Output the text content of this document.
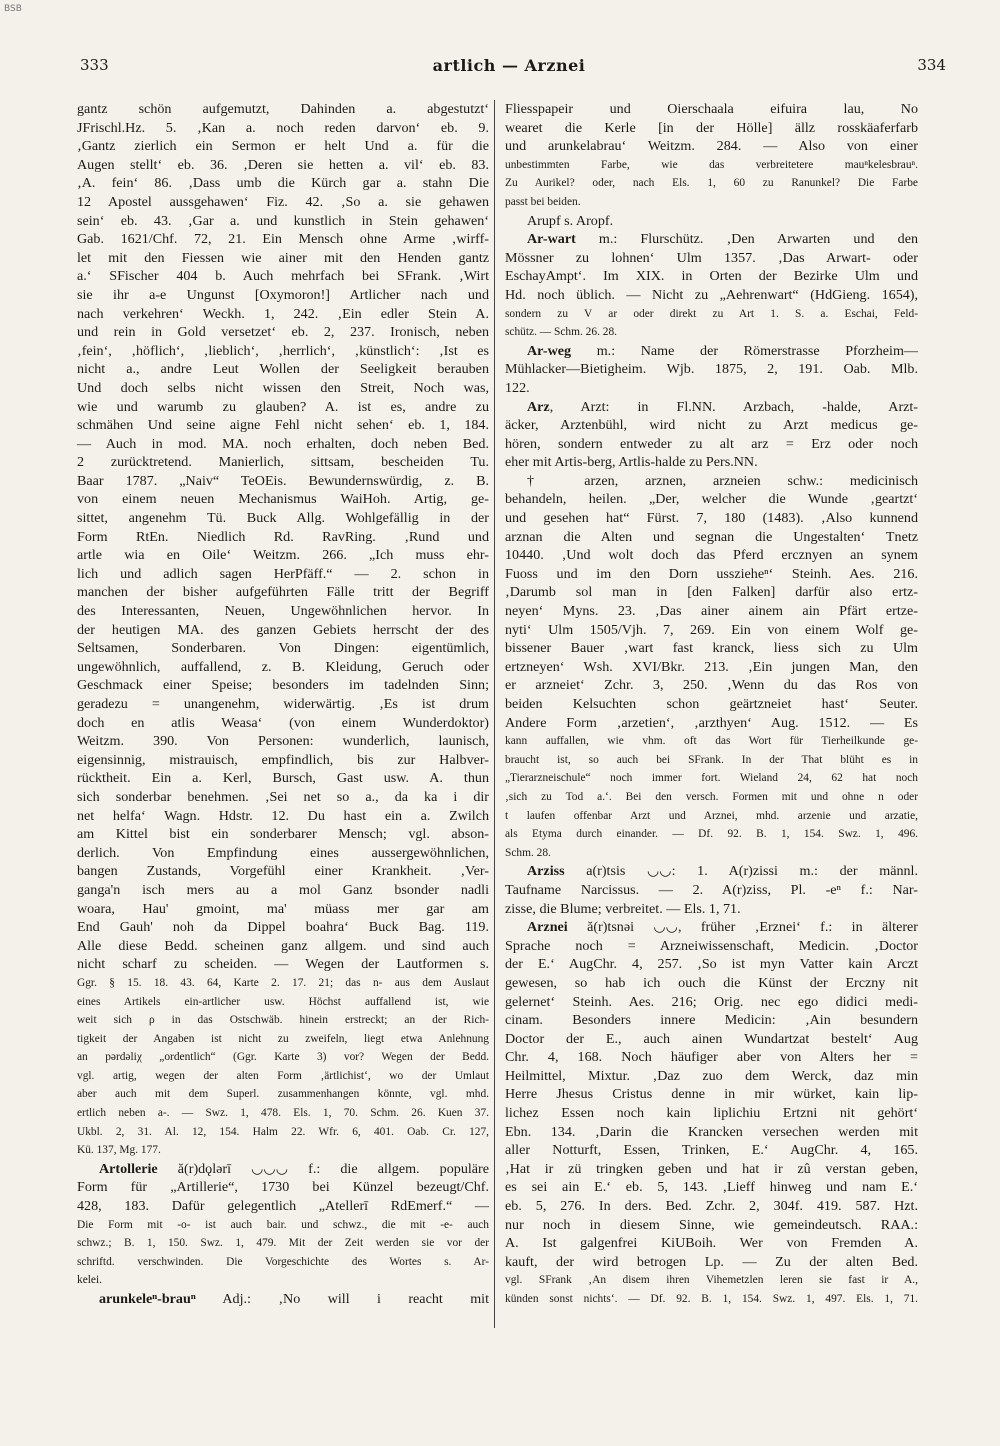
BSB
333	artlich — Arznei	334
gantz schön aufgemutzt, Dahinden a. abgestutzt‘
JFrischl.Hz. 5. ‚Kan a. noch reden darvon‘ eb. 9.
‚Gantz zierlich ein Sermon er helt Und a. für die
Augen stellt‘ eb. 36. ‚Deren sie hetten a. vil‘ eb. 83.
‚A. fein‘ 86. ‚Dass umb die Kürch gar a. stahn Die
12 Apostel aussgehawen‘ Fiz. 42. ‚So a. sie gehawen
sein‘ eb. 43. ‚Gar a. und kunstlich in Stein gehawen‘
Gab. 1621/Chf. 72, 21. Ein Mensch ohne Arme ‚wirff-
let mit den Fiessen wie ainer mit den Henden gantz
a.‘ SFischer 404 b. Auch mehrfach bei SFrank. ‚Wirt
sie ihr a-e Ungunst [Oxymoron!] Artlicher nach und
nach verkehren‘ Weckh. 1, 242. ‚Ein edler Stein A.
und rein in Gold versetzet‘ eb. 2, 237. Ironisch, neben
‚fein‘, ‚höflich‘, ‚lieblich‘, ‚herrlich‘, ‚künstlich‘: ‚Ist es
nicht a., andre Leut Wollen der Seeligkeit berauben
Und doch selbs nicht wissen den Streit, Noch was,
wie und warumb zu glauben? A. ist es, andre zu
schmähen Und seine aigne Fehl nicht sehen‘ eb. 1, 184.
— Auch in mod. MA. noch erhalten, doch neben Bed.
2 zurücktretend. Manierlich, sittsam, bescheiden Tu.
Baar 1787. „Naiv“ TeOEis. Bewundernswürdig, z. B.
von einem neuen Mechanismus WaiHoh. Artig, ge-
sittet, angenehm Tü. Buck Allg. Wohlgefällig in der
Form RtEn. Niedlich Rd. RavRing. ‚Rund und
artle wia en Oile‘ Weitzm. 266. „Ich muss ehr-
lich und adlich sagen HerPfäff.“ — 2. schon in
manchen der bisher aufgeführten Fälle tritt der Begriff
des Interessanten, Neuen, Ungewöhnlichen hervor. In
der heutigen MA. des ganzen Gebiets herrscht der des
Seltsamen, Sonderbaren. Von Dingen: eigentümlich,
ungewöhnlich, auffallend, z. B. Kleidung, Geruch oder
Geschmack einer Speise; besonders im tadelnden Sinn;
geradezu = unangenehm, widerwärtig. ‚Es ist drum
doch en atlis Weasa‘ (von einem Wunderdoktor)
Weitzm. 390. Von Personen: wunderlich, launisch,
eigensinnig, mistrauisch, empfindlich, bis zur Halbver-
rücktheit. Ein a. Kerl, Bursch, Gast usw. A. thun
sich sonderbar benehmen. ‚Sei net so a., da ka i dir
net helfa‘ Wagn. Hdstr. 12. Du hast ein a. Zwilch
am Kittel bist ein sonderbarer Mensch; vgl. abson-
derlich. Von Empfindung eines aussergewöhnlichen,
bangen Zustands, Vorgefühl einer Krankheit. ‚Ver-
ganga'n isch mers au a mol Ganz bsonder nadli
woara, Hau' gmoint, ma' müass mer gar am
End Gauh' noh da Dippel boahra‘ Buck Bag. 119.
Alle diese Bedd. scheinen ganz allgem. und sind auch
nicht scharf zu scheiden. — Wegen der Lautformen s.
Ggr. § 15. 18. 43. 64, Karte 2. 17. 21; das n- aus dem Auslaut
eines Artikels ein-artlicher usw. Höchst auffallend ist, wie
weit sich ρ in das Ostschwäb. hinein erstreckt; an der Rich-
tigkeit der Angaben ist nicht zu zweifeln, liegt etwa Anlehnung
an pərdəliχ „ordentlich“ (Ggr. Karte 3) vor? Wegen der Bedd.
vgl. artig, wegen der alten Form ‚ärtlichist‘, wo der Umlaut
aber auch mit dem Superl. zusammenhangen könnte, vgl. mhd.
ertlich neben a-. — Swz. 1, 478. Els. 1, 70. Schm. 26. Kuen 37.
Ukbl. 2, 31. Al. 12, 154. Halm 22. Wfr. 6, 401. Oab. Cr. 127,
Kü. 137, Mg. 177.
Artollerie ă(r)dǫlərī ◡◡◡ f.: die allgem. populäre
Form für „Artillerie“, 1730 bei Künzel bezeugt/Chf.
428, 183. Dafür gelegentlich „Atellerī RdEmerf.“ —
Die Form mit -o- ist auch bair. und schwz., die mit -e- auch
schwz.; B. 1, 150. Swz. 1, 479. Mit der Zeit werden sie vor der
schriftd. verschwinden. Die Vorgeschichte des Wortes s. Ar-
kelei.
arunkeleⁿ-brauⁿ Adj.: ‚No will i reacht mit
Fliesspapeir und Oierschaala eifuira lau, No
wearet die Kerle [in der Hölle] ällz rosskäaferfarb
und arunkelabrau‘ Weitzm. 284. — Also von einer
unbestimmten Farbe, wie das verbreitetere mauⁿkelesbrauⁿ.
Zu Aurikel? oder, nach Els. 1, 60 zu Ranunkel? Die Farbe
passt bei beiden.
Arupf s. Aropf.
Ar-wart m.: Flurschütz. ‚Den Arwarten und den
Mössner zu lohnen‘ Ulm 1357. ‚Das Arwart- oder
EschayAmpt‘. Im XIX. in Orten der Bezirke Ulm und
Hd. noch üblich. — Nicht zu „Aehrenwart“ (HdGieng. 1654),
sondern zu V ar oder direkt zu Art 1. S. a. Eschai, Feld-
schütz. — Schm. 26. 28.
Ar-weg m.: Name der Römerstrasse Pforzheim—
Mühlacker—Bietigheim. Wjb. 1875, 2, 191. Oab. Mlb.
122.
Arz, Arzt: in Fl.NN. Arzbach, -halde, Arzt-
äcker, Arztenbühl, wird nicht zu Arzt medicus ge-
hören, sondern entweder zu alt arz = Erz oder noch
eher mit Artis-berg, Artlis-halde zu Pers.NN.
† arzen, arznen, arzneien schw.: medicinisch
behandeln, heilen. „Der, welcher die Wunde ‚geartzt‘
und gesehen hat“ Fürst. 7, 180 (1483). ‚Also kunnend
arznan die Alten und segnan die Ungestalten‘ Tnetz
10440. ‚Und wolt doch das Pferd ercznyen an synem
Fuoss und im den Dorn usszieheⁿ‘ Steinh. Aes. 216.
‚Darumb sol man in [den Falken] darfür also ertz-
neyen‘ Myns. 23. ‚Das ainer ainem ain Pfärt ertze-
nyti‘ Ulm 1505/Vjh. 7, 269. Ein von einem Wolf ge-
bissener Bauer ‚wart fast kranck, liess sich zu Ulm
ertzneyen‘ Wsh. XVI/Bkr. 213. ‚Ein jungen Man, den
er arzneiet‘ Zchr. 3, 250. ‚Wenn du das Ros von
beiden Kelsuchten schon geärtzneiet hast‘ Seuter.
Andere Form ‚arzetien‘, ‚arzthyen‘ Aug. 1512. — Es
kann auffallen, wie vhm. oft das Wort für Tierheilkunde ge-
braucht ist, so auch bei SFrank. In der That blüht es in
„Tierarzneischule“ noch immer fort. Wieland 24, 62 hat noch
‚sich zu Tod a.‘. Bei den versch. Formen mit und ohne n oder
t laufen offenbar Arzt und Arznei, mhd. arzenie und arzatie,
als Etyma durch einander. — Df. 92. B. 1, 154. Swz. 1, 496.
Schm. 28.
Arziss a(r)tsis ◡◡: 1. A(r)zissi m.: der männl.
Taufname Narcissus. — 2. A(r)ziss, Pl. -eⁿ f.: Nar-
zisse, die Blume; verbreitet. — Els. 1, 71.
Arznei ă(r)tsnəi ◡◡, früher ‚Erznei‘ f.: in älterer
Sprache noch = Arzneiwissenschaft, Medicin. ‚Doctor
der E.‘ AugChr. 4, 257. ‚So ist myn Vatter kain Arczt
gewesen, so hab ich ouch die Künst der Erczny nit
gelernet‘ Steinh. Aes. 216; Orig. nec ego didici medi-
cinam. Besonders innere Medicin: ‚Ain besundern
Doctor der E., auch ainen Wundartzat bestelt‘ Aug
Chr. 4, 168. Noch häufiger aber von Alters her =
Heilmittel, Mixtur. ‚Daz zuo dem Werck, daz min
Herre Jhesus Cristus denne in mir würket, kain lip-
lichez Essen noch kain liplichiu Ertzni nit gehört‘
Ebn. 134. ‚Darin die Krancken versechen werden mit
aller Notturft, Essen, Trinken, E.‘ AugChr. 4, 165.
‚Hat ir zü tringken geben und hat ir zû verstan geben,
es sei ain E.‘ eb. 5, 143. ‚Lieff hinweg und nam E.‘
eb. 5, 276. In ders. Bed. Zchr. 2, 304f. 419. 587. Hzt.
nur noch in diesem Sinne, wie gemeindeutsch. RAA.:
A. Ist galgenfrei KiUBoih. Wer von Fremden A.
kauft, der wird betrogen Lp. — Zu der alten Bed.
vgl. SFrank ‚An disem ihren Vihemetzlen leren sie fast ir A.,
künden sonst nichts‘. — Df. 92. B. 1, 154. Swz. 1, 497. Els. 1, 71.
